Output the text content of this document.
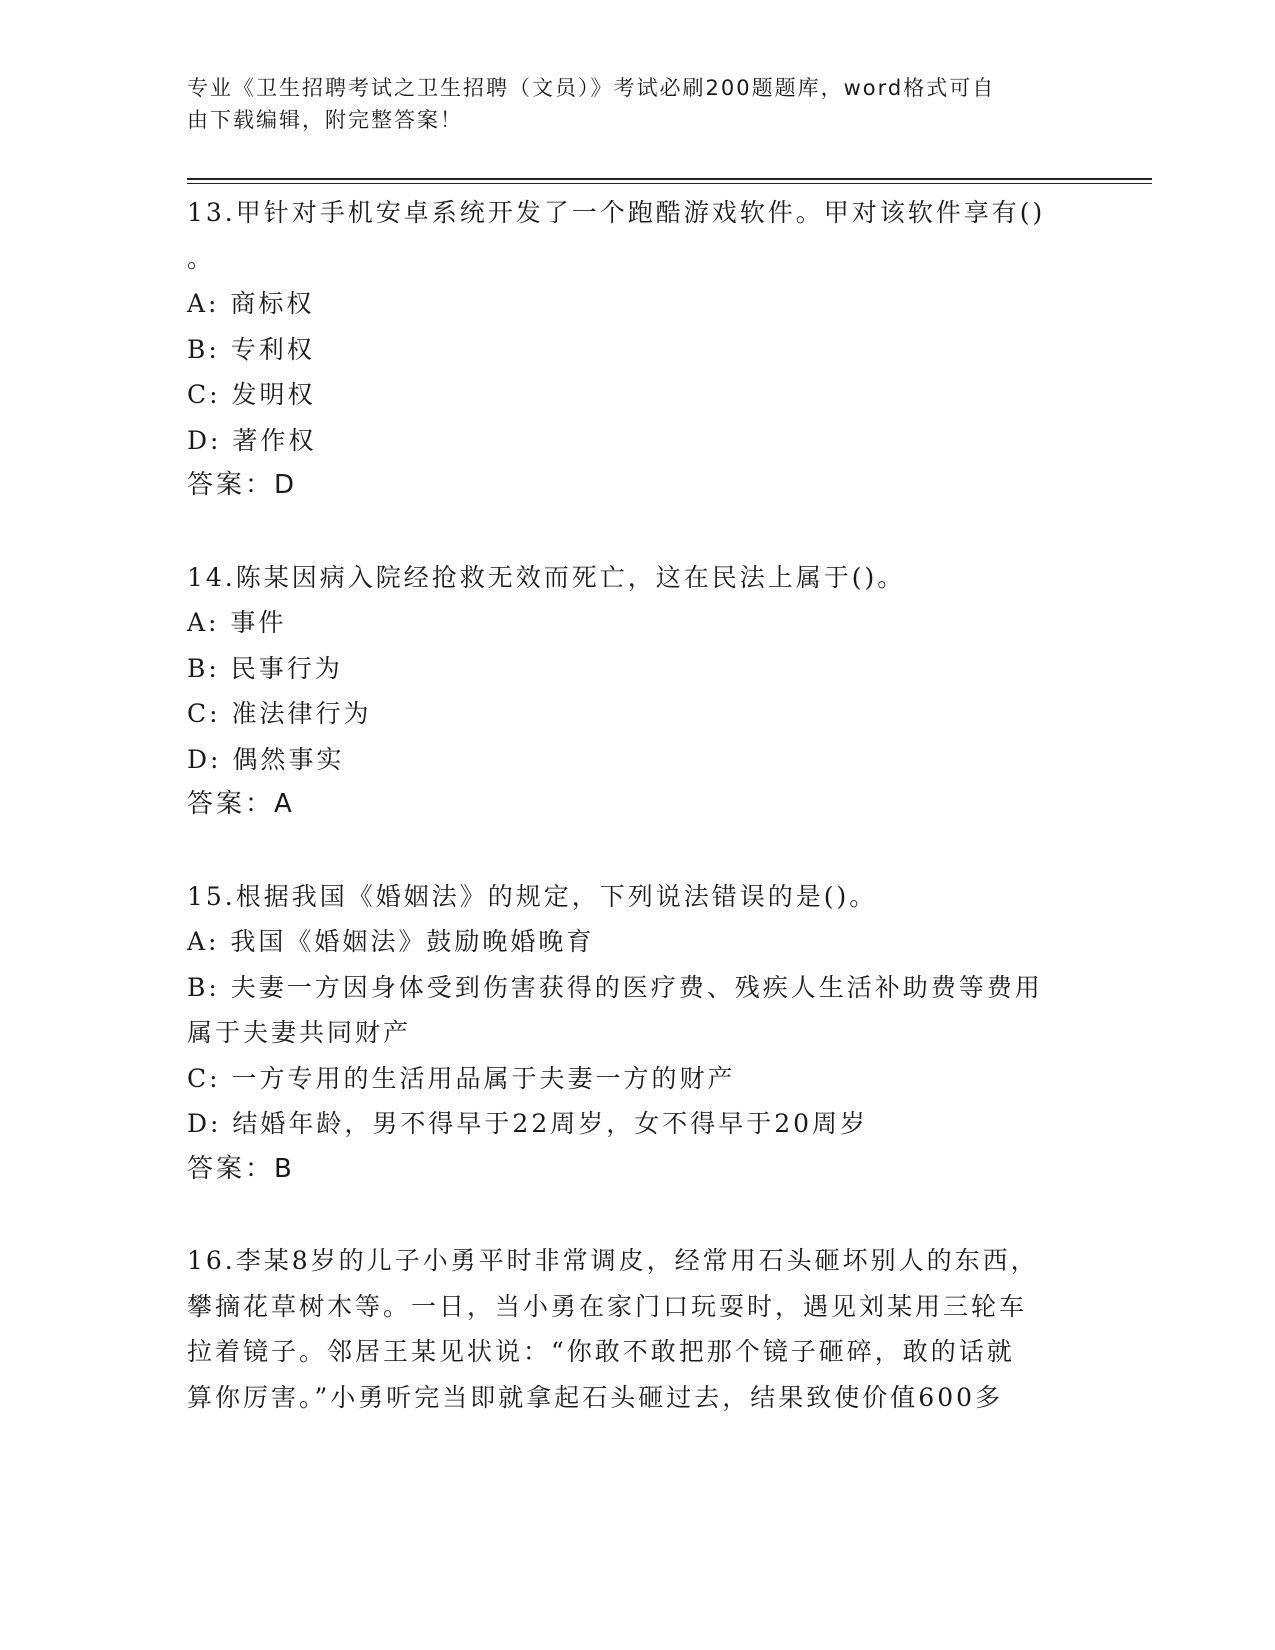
专业《卫生招聘考试之卫生招聘（文员）》考试必刷200题题库，word格式可自
由下载编辑，附完整答案！

13.甲针对手机安卓系统开发了一个跑酷游戏软件。甲对该软件享有()

。

A: 商标权

B: 专利权

C: 发明权

D: 著作权

答案：D

14.陈某因病入院经抢救无效而死亡，这在民法上属于()。

A: 事件

B: 民事行为

C: 准法律行为

D: 偶然事实

答案：A

15.根据我国《婚姻法》的规定，下列说法错误的是()。

A: 我国《婚姻法》鼓励晚婚晚育

B: 夫妻一方因身体受到伤害获得的医疗费、残疾人生活补助费等费用

属于夫妻共同财产

C: 一方专用的生活用品属于夫妻一方的财产

D: 结婚年龄，男不得早于22周岁，女不得早于20周岁

答案：B

16.李某8岁的儿子小勇平时非常调皮，经常用石头砸坏别人的东西，

攀摘花草树木等。一日，当小勇在家门口玩耍时，遇见刘某用三轮车

拉着镜子。邻居王某见状说：“你敢不敢把那个镜子砸碎，敢的话就

算你厉害。”小勇听完当即就拿起石头砸过去，结果致使价值600多
